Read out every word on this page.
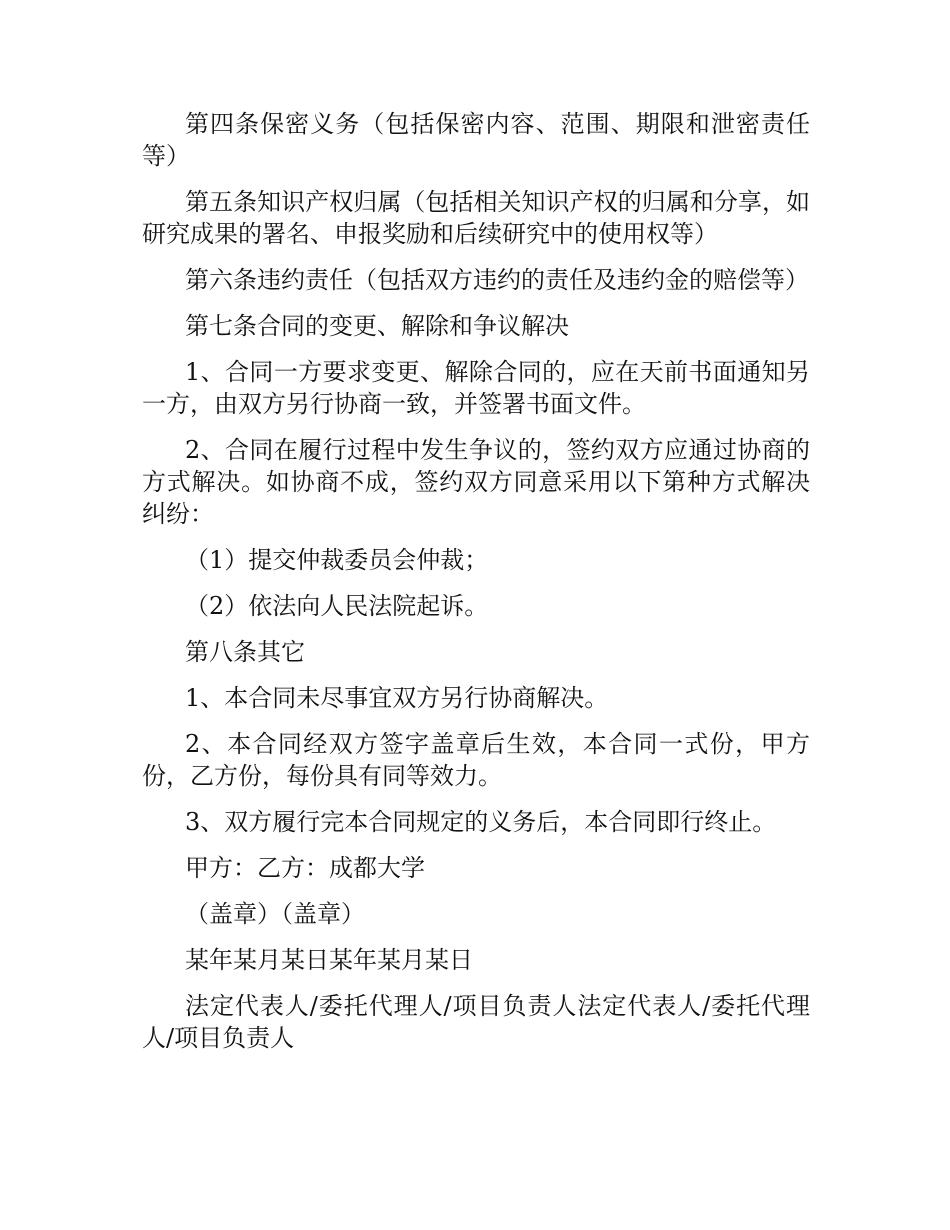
第四条保密义务（包括保密内容、范围、期限和泄密责任等）

第五条知识产权归属（包括相关知识产权的归属和分享，如研究成果的署名、申报奖励和后续研究中的使用权等）

第六条违约责任（包括双方违约的责任及违约金的赔偿等）

第七条合同的变更、解除和争议解决

1、合同一方要求变更、解除合同的，应在天前书面通知另一方，由双方另行协商一致，并签署书面文件。

2、合同在履行过程中发生争议的，签约双方应通过协商的方式解决。如协商不成，签约双方同意采用以下第种方式解决纠纷：

（1）提交仲裁委员会仲裁；

（2）依法向人民法院起诉。

第八条其它

1、本合同未尽事宜双方另行协商解决。

2、本合同经双方签字盖章后生效，本合同一式份，甲方份，乙方份，每份具有同等效力。

3、双方履行完本合同规定的义务后，本合同即行终止。

甲方：乙方：成都大学

（盖章）（盖章）

某年某月某日某年某月某日

法定代表人/委托代理人/项目负责人法定代表人/委托代理人/项目负责人
